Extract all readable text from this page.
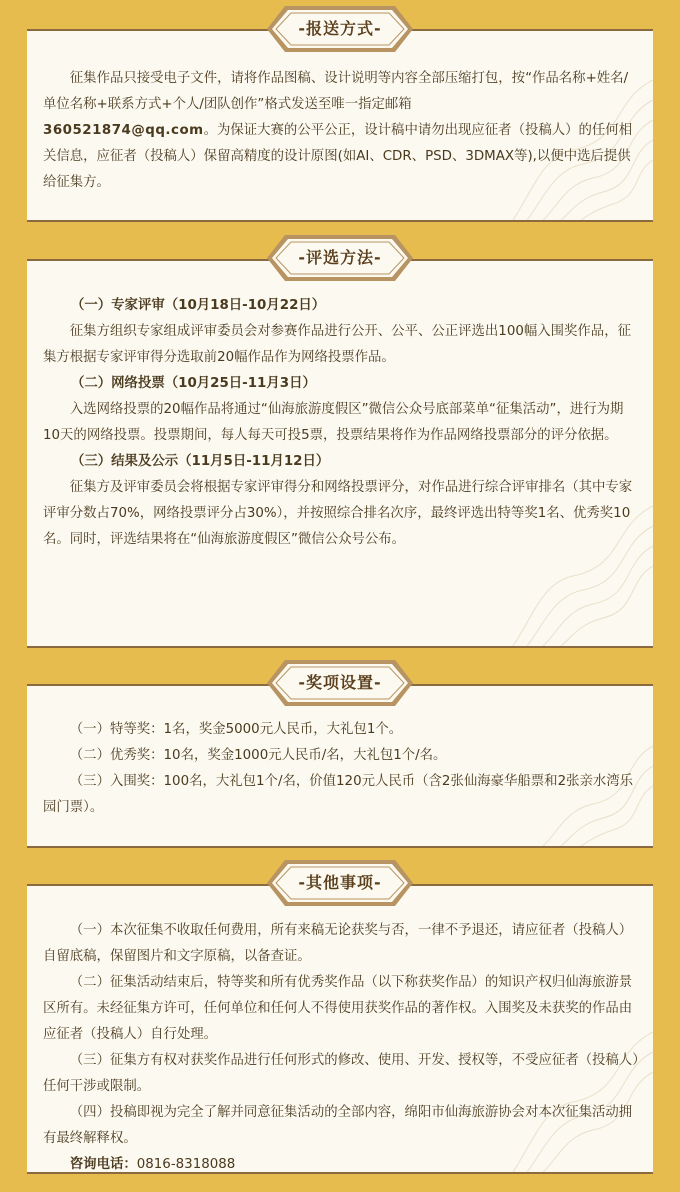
征集作品只接受电子文件，请将作品图稿、设计说明等内容全部压缩打包，按“作品名称+姓名/单位名称+联系方式+个人/团队创作”格式发送至唯一指定邮箱
360521874@qq.com。为保证大赛的公平公正，设计稿中请勿出现应征者（投稿人）的任何相关信息，应征者（投稿人）保留高精度的设计原图(如AI、CDR、PSD、3DMAX等),以便中选后提供给征集方。

-报送方式-

（一）专家评审（10月18日-10月22日）

征集方组织专家组成评审委员会对参赛作品进行公开、公平、公正评选出100幅入围奖作品，征集方根据专家评审得分选取前20幅作品作为网络投票作品。

（二）网络投票（10月25日-11月3日）

入选网络投票的20幅作品将通过“仙海旅游度假区”微信公众号底部菜单“征集活动”，进行为期10天的网络投票。投票期间，每人每天可投5票，投票结果将作为作品网络投票部分的评分依据。

（三）结果及公示（11月5日-11月12日）

征集方及评审委员会将根据专家评审得分和网络投票评分，对作品进行综合评审排名（其中专家评审分数占70%，网络投票评分占30%），并按照综合排名次序，最终评选出特等奖1名、优秀奖10名。同时，评选结果将在“仙海旅游度假区”微信公众号公布。

-评选方法-

（一）特等奖：1名，奖金5000元人民币，大礼包1个。

（二）优秀奖：10名，奖金1000元人民币/名，大礼包1个/名。

（三）入围奖：100名，大礼包1个/名，价值120元人民币（含2张仙海豪华船票和2张亲水湾乐园门票）。

-奖项设置-

（一）本次征集不收取任何费用，所有来稿无论获奖与否，一律不予退还，请应征者（投稿人）自留底稿，保留图片和文字原稿，以备查证。

（二）征集活动结束后，特等奖和所有优秀奖作品（以下称获奖作品）的知识产权归仙海旅游景区所有。未经征集方许可，任何单位和任何人不得使用获奖作品的著作权。入围奖及未获奖的作品由应征者（投稿人）自行处理。

（三）征集方有权对获奖作品进行任何形式的修改、使用、开发、授权等，不受应征者（投稿人）任何干涉或限制。

（四）投稿即视为完全了解并同意征集活动的全部内容，绵阳市仙海旅游协会对本次征集活动拥有最终解释权。

咨询电话：0816-8318088

-其他事项-
